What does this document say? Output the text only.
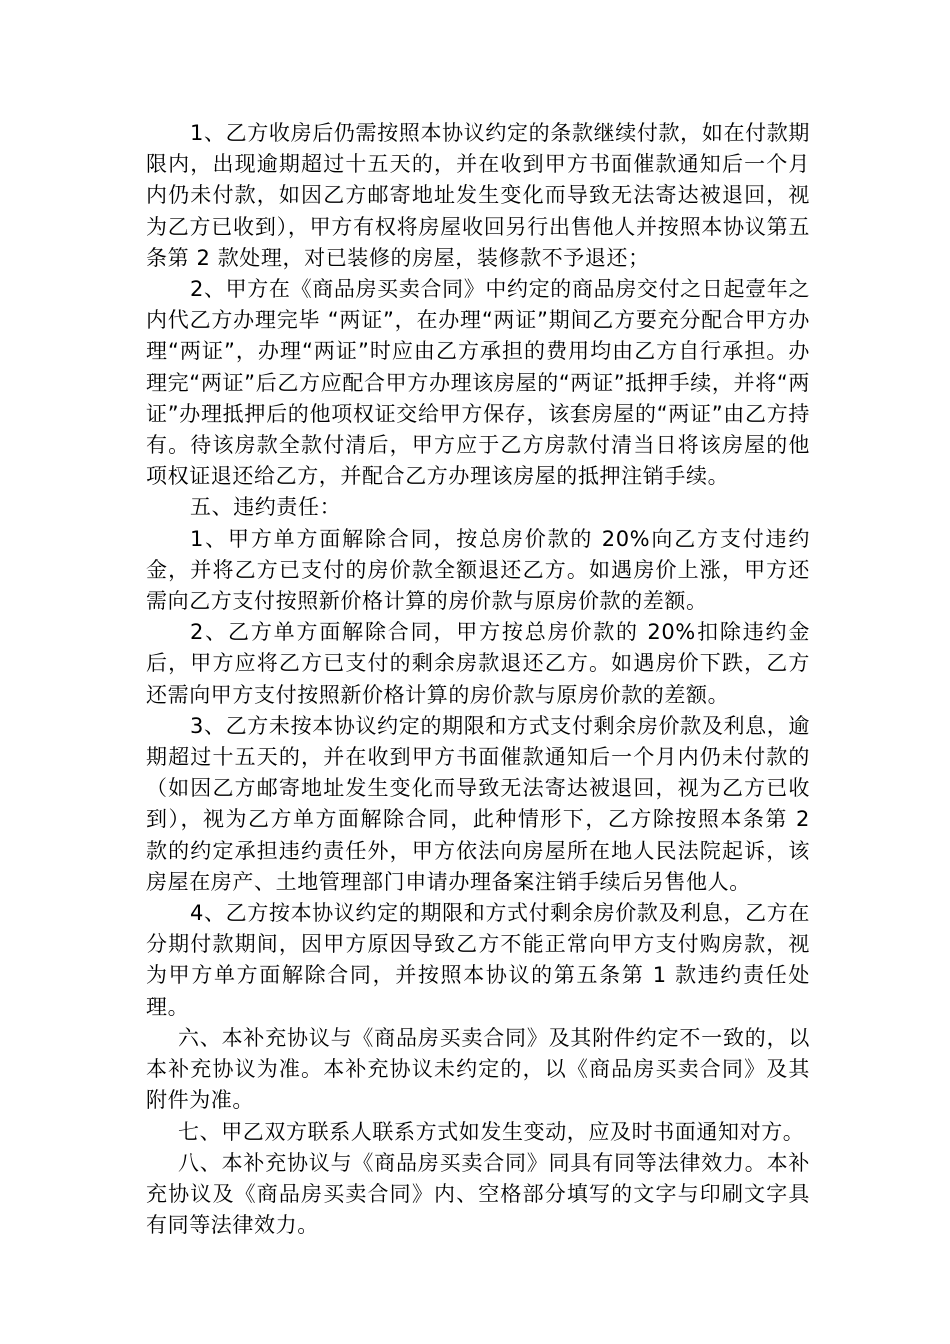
1、乙方收房后仍需按照本协议约定的条款继续付款，如在付款期限内，出现逾期超过十五天的，并在收到甲方书面催款通知后一个月内仍未付款，如因乙方邮寄地址发生变化而导致无法寄达被退回，视为乙方已收到），甲方有权将房屋收回另行出售他人并按照本协议第五条第 2 款处理，对已装修的房屋，装修款不予退还；

2、甲方在《商品房买卖合同》中约定的商品房交付之日起壹年之内代乙方办理完毕 “两证”，在办理“两证”期间乙方要充分配合甲方办理“两证”，办理“两证”时应由乙方承担的费用均由乙方自行承担。办理完“两证”后乙方应配合甲方办理该房屋的“两证”抵押手续，并将“两证”办理抵押后的他项权证交给甲方保存，该套房屋的“两证”由乙方持有。待该房款全款付清后，甲方应于乙方房款付清当日将该房屋的他项权证退还给乙方，并配合乙方办理该房屋的抵押注销手续。

五、违约责任：

1、甲方单方面解除合同，按总房价款的 20%向乙方支付违约金，并将乙方已支付的房价款全额退还乙方。如遇房价上涨，甲方还需向乙方支付按照新价格计算的房价款与原房价款的差额。

2、乙方单方面解除合同，甲方按总房价款的 20%扣除违约金后，甲方应将乙方已支付的剩余房款退还乙方。如遇房价下跌，乙方还需向甲方支付按照新价格计算的房价款与原房价款的差额。

3、乙方未按本协议约定的期限和方式支付剩余房价款及利息，逾期超过十五天的，并在收到甲方书面催款通知后一个月内仍未付款的（如因乙方邮寄地址发生变化而导致无法寄达被退回，视为乙方已收到），视为乙方单方面解除合同，此种情形下，乙方除按照本条第 2 款的约定承担违约责任外，甲方依法向房屋所在地人民法院起诉，该房屋在房产、土地管理部门申请办理备案注销手续后另售他人。

4、乙方按本协议约定的期限和方式付剩余房价款及利息，乙方在分期付款期间，因甲方原因导致乙方不能正常向甲方支付购房款，视为甲方单方面解除合同，并按照本协议的第五条第 1 款违约责任处理。

六、本补充协议与《商品房买卖合同》及其附件约定不一致的，以本补充协议为准。本补充协议未约定的，以《商品房买卖合同》及其附件为准。

七、甲乙双方联系人联系方式如发生变动，应及时书面通知对方。

八、本补充协议与《商品房买卖合同》同具有同等法律效力。本补充协议及《商品房买卖合同》内、空格部分填写的文字与印刷文字具有同等法律效力。
